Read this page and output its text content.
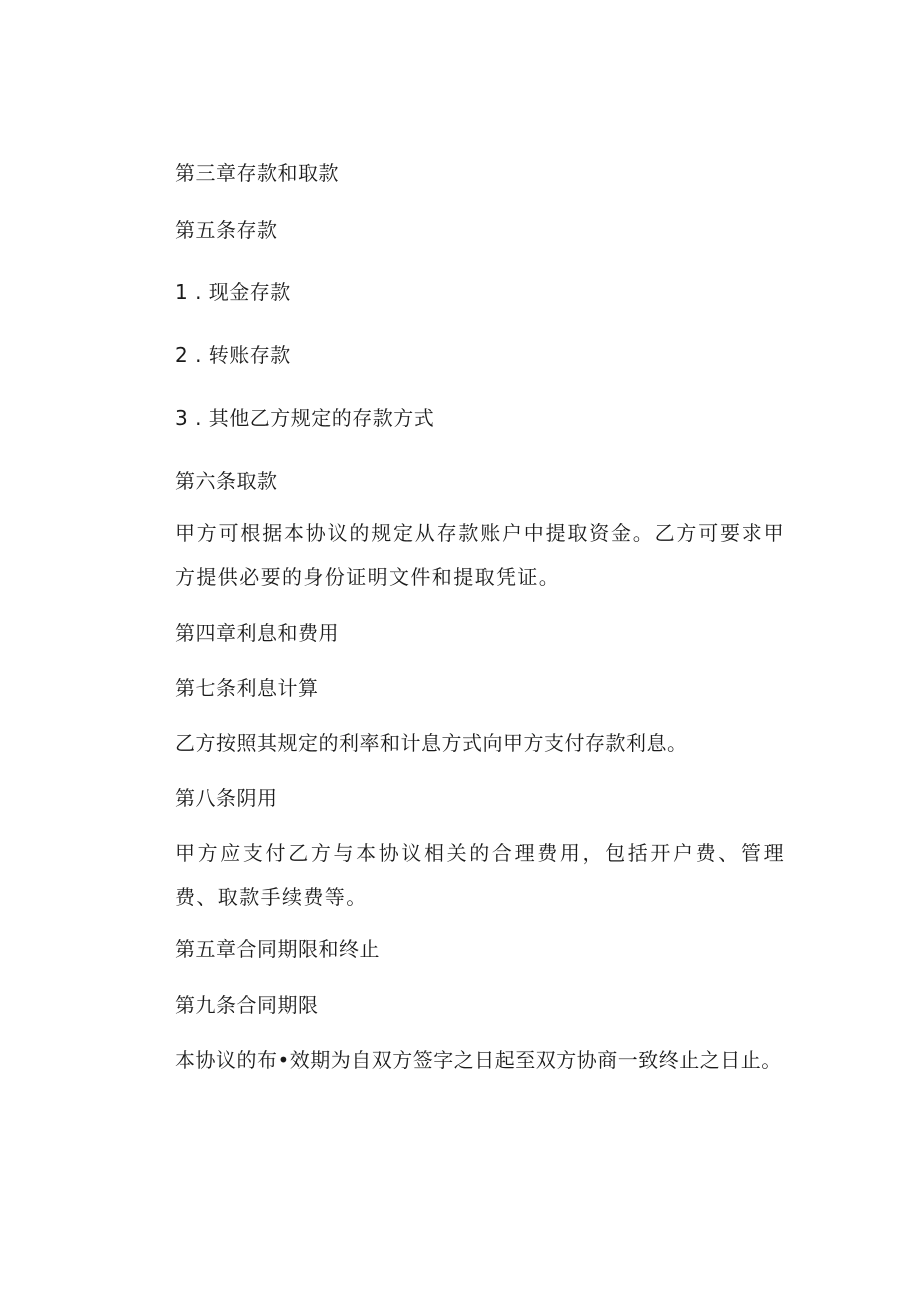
第三章存款和取款
第五条存款
1 . 现金存款
2 . 转账存款
3 . 其他乙方规定的存款方式
第六条取款
甲方可根据本协议的规定从存款账户中提取资金。乙方可要求甲方提供必要的身份证明文件和提取凭证。
第四章利息和费用
第七条利息计算
乙方按照其规定的利率和计息方式向甲方支付存款利息。
第八条阴用
甲方应支付乙方与本协议相关的合理费用，包括开户费、管理费、取款手续费等。
第五章合同期限和终止
第九条合同期限
本协议的布•效期为自双方签字之日起至双方协商一致终止之日止。
